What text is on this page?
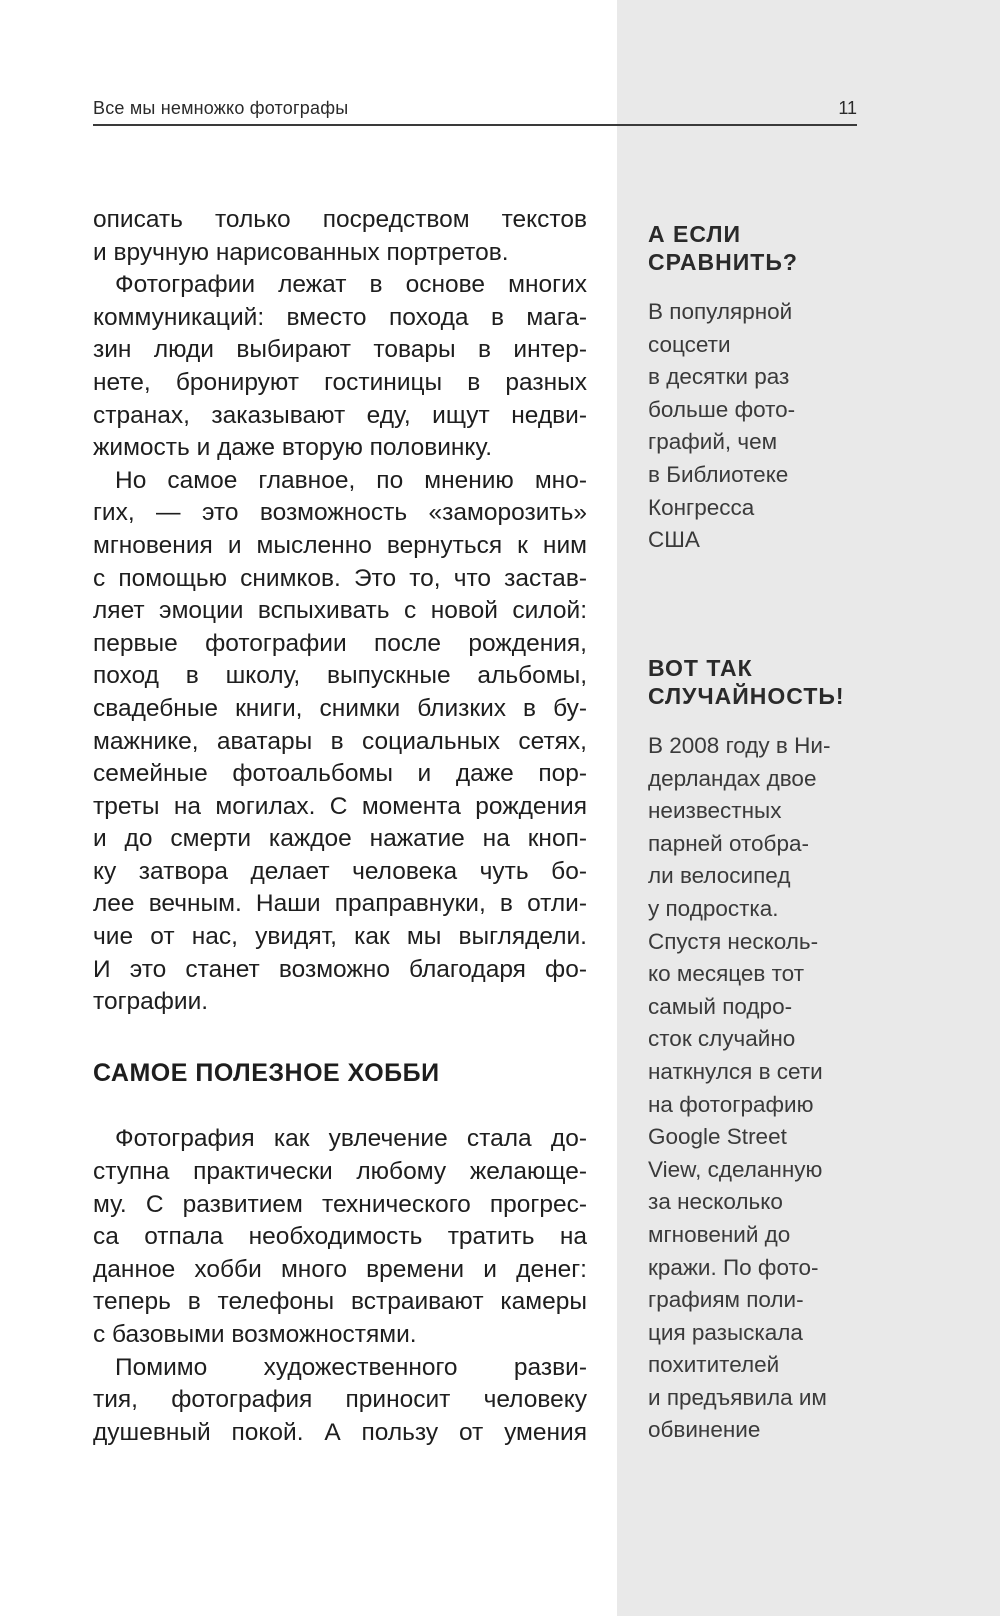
Все мы немножко фотографы	11
описать только посредством текстов
и вручную нарисованных портретов.
Фотографии лежат в основе многих
коммуникаций: вместо похода в мага-
зин люди выбирают товары в интер-
нете, бронируют гостиницы в разных
странах, заказывают еду, ищут недви-
жимость и даже вторую половинку.
Но самое главное, по мнению мно-
гих, — это возможность «заморозить»
мгновения и мысленно вернуться к ним
с помощью снимков. Это то, что застав-
ляет эмоции вспыхивать с новой силой:
первые фотографии после рождения,
поход в школу, выпускные альбомы,
свадебные книги, снимки близких в бу-
мажнике, аватары в социальных сетях,
семейные фотоальбомы и даже пор-
треты на могилах. С момента рождения
и до смерти каждое нажатие на кноп-
ку затвора делает человека чуть бо-
лее вечным. Наши праправнуки, в отли-
чие от нас, увидят, как мы выглядели.
И это станет возможно благодаря фо-
тографии.
САМОЕ ПОЛЕЗНОЕ ХОББИ
Фотография как увлечение стала до-
ступна практически любому желающе-
му. С развитием технического прогрес-
са отпала необходимость тратить на
данное хобби много времени и денег:
теперь в телефоны встраивают камеры
с базовыми возможностями.
Помимо художественного разви-
тия, фотография приносит человеку
душевный покой. А пользу от умения
А ЕСЛИ
СРАВНИТЬ?
В популярной
соцсети
в десятки раз
больше фото-
графий, чем
в Библиотеке
Конгресса
США
ВОТ ТАК
СЛУЧАЙНОСТЬ!
В 2008 году в Ни-
дерландах двое
неизвестных
парней отобра-
ли велосипед
у подростка.
Спустя несколь-
ко месяцев тот
самый подро-
сток случайно
наткнулся в сети
на фотографию
Google Street
View, сделанную
за несколько
мгновений до
кражи. По фото-
графиям поли-
ция разыскала
похитителей
и предъявила им
обвинение
